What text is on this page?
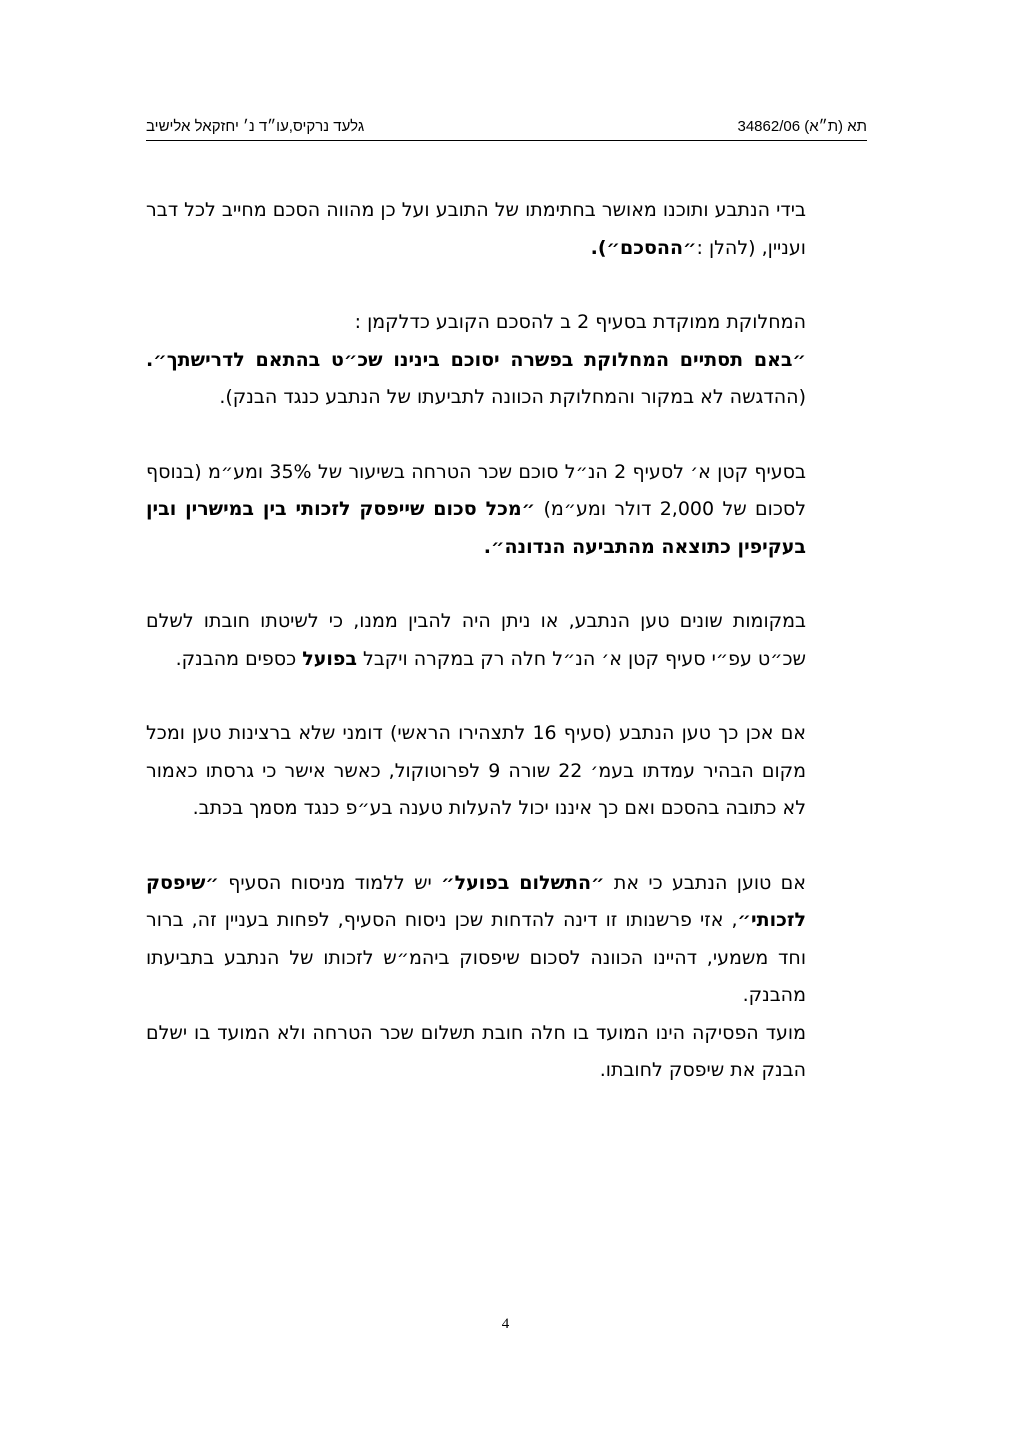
תא (ת״א) 34862/06
גלעד נרקיס,עו״ד נ׳ יחזקאל אלישיב

בידי הנתבע ותוכנו מאושר בחתימתו של התובע ועל כן מהווה הסכם מחייב לכל דבר ועניין, (להלן :״ההסכם״).

המחלוקת ממוקדת בסעיף 2 ב להסכם הקובע כדלקמן :

״באם תסתיים המחלוקת בפשרה יסוכם בינינו שכ״ט בהתאם לדרישתך״. (ההדגשה לא במקור והמחלוקת הכוונה לתביעתו של הנתבע כנגד הבנק).

בסעיף קטן א׳ לסעיף 2 הנ״ל סוכם שכר הטרחה בשיעור של 35% ומע״מ (בנוסף לסכום של 2,000 דולר ומע״מ) ״מכל סכום שייפסק לזכותי בין במישרין ובין בעקיפין כתוצאה מהתביעה הנדונה״.

במקומות שונים טען הנתבע, או ניתן היה להבין ממנו, כי לשיטתו חובתו לשלם שכ״ט עפ״י סעיף קטן א׳ הנ״ל חלה רק במקרה ויקבל בפועל כספים מהבנק.

אם אכן כך טען הנתבע (סעיף 16 לתצהירו הראשי) דומני שלא ברצינות טען ומכל מקום הבהיר עמדתו בעמ׳ 22 שורה 9 לפרוטוקול, כאשר אישר כי גרסתו כאמור לא כתובה בהסכם ואם כך איננו יכול להעלות טענה בע״פ כנגד מסמך בכתב.

אם טוען הנתבע כי את ״התשלום בפועל״ יש ללמוד מניסוח הסעיף ״שיפסק לזכותי״, אזי פרשנותו זו דינה להדחות שכן ניסוח הסעיף, לפחות בעניין זה, ברור וחד משמעי, דהיינו הכוונה לסכום שיפסוק ביהמ״ש לזכותו של הנתבע בתביעתו מהבנק.

מועד הפסיקה הינו המועד בו חלה חובת תשלום שכר הטרחה ולא המועד בו ישלם הבנק את שיפסק לחובתו.

4
